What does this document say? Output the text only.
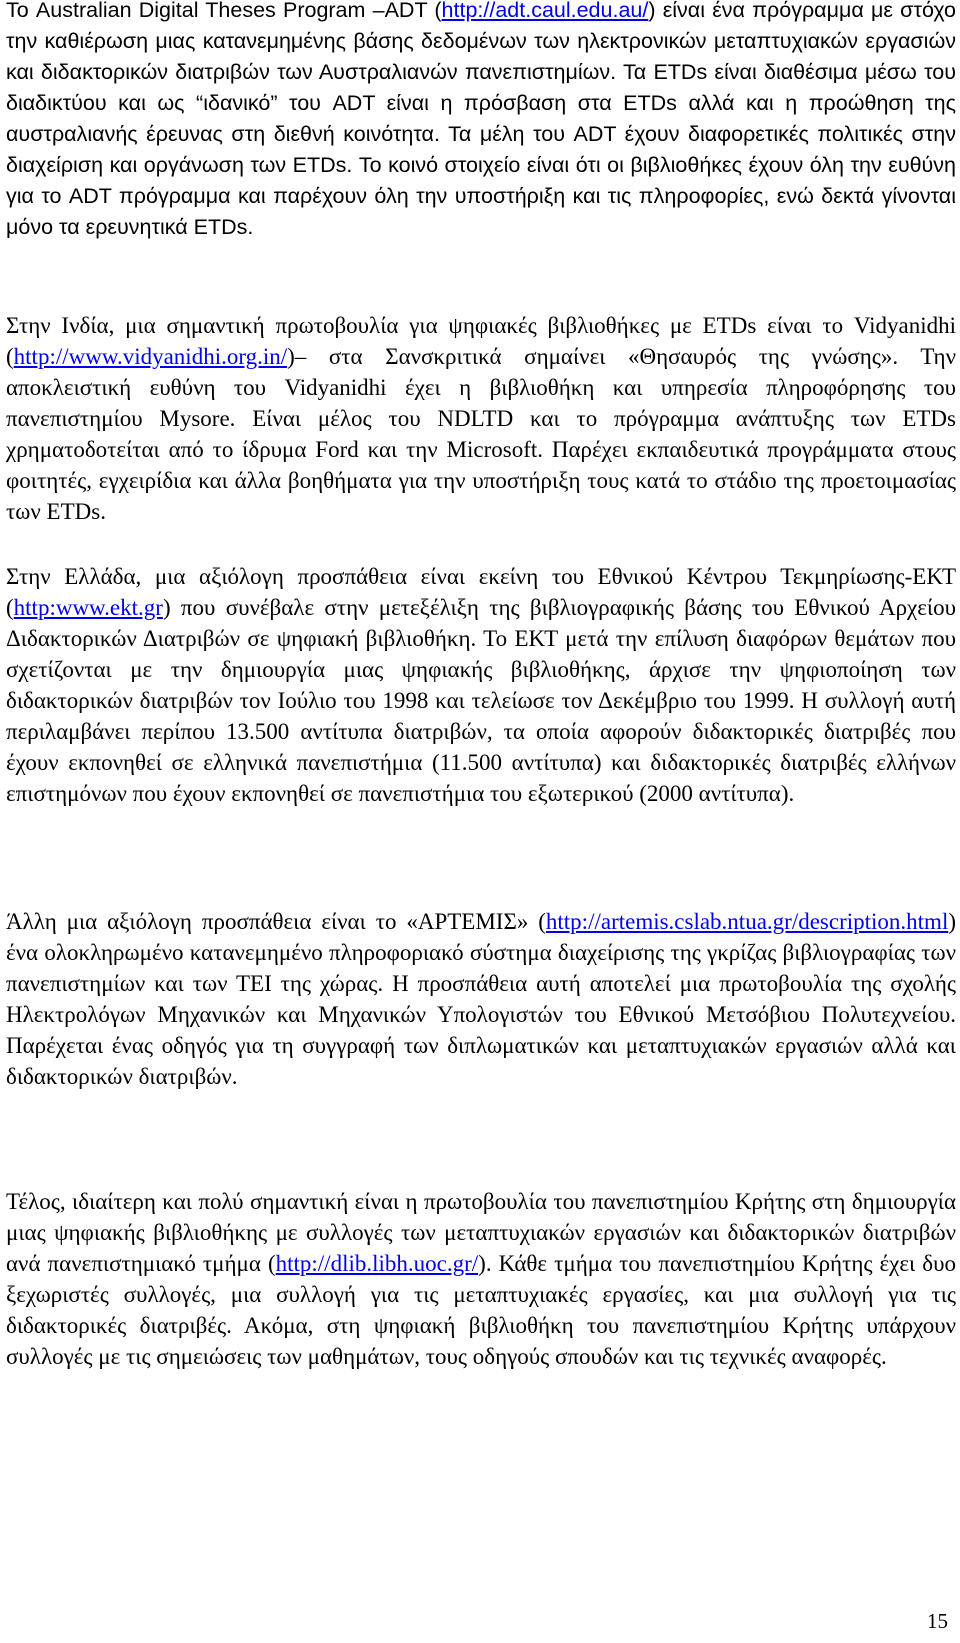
Το Australian Digital Theses Program –ADT (http://adt.caul.edu.au/) είναι ένα πρόγραμμα με στόχο την καθιέρωση μιας κατανεμημένης βάσης δεδομένων των ηλεκτρονικών μεταπτυχιακών εργασιών και διδακτορικών διατριβών των Αυστραλιανών πανεπιστημίων. Τα ETDs είναι διαθέσιμα μέσω του διαδικτύου και ως “ιδανικό” του ADT είναι η πρόσβαση στα ETDs αλλά και η προώθηση της αυστραλιανής έρευνας στη διεθνή κοινότητα. Τα μέλη του ADT έχουν διαφορετικές πολιτικές στην διαχείριση και οργάνωση των ETDs. Το κοινό στοιχείο είναι ότι οι βιβλιοθήκες έχουν όλη την ευθύνη για το ADT πρόγραμμα και παρέχουν όλη την υποστήριξη και τις πληροφορίες, ενώ δεκτά γίνονται μόνο τα ερευνητικά ETDs.

Στην Ινδία, μια σημαντική πρωτοβουλία για ψηφιακές βιβλιοθήκες με ETDs είναι το Vidyanidhi (http://www.vidyanidhi.org.in/)– στα Σανσκριτικά σημαίνει «Θησαυρός της γνώσης». Την αποκλειστική ευθύνη του Vidyanidhi έχει η βιβλιοθήκη και υπηρεσία πληροφόρησης του πανεπιστημίου Mysore. Είναι μέλος του NDLTD και το πρόγραμμα ανάπτυξης των ETDs χρηματοδοτείται από το ίδρυμα Ford και την Microsoft. Παρέχει εκπαιδευτικά προγράμματα στους φοιτητές, εγχειρίδια και άλλα βοηθήματα για την υποστήριξη τους κατά το στάδιο της προετοιμασίας των ETDs.

Στην Ελλάδα, μια αξιόλογη προσπάθεια είναι εκείνη του Εθνικού Κέντρου Τεκμηρίωσης-ΕΚΤ (http:www.ekt.gr) που συνέβαλε στην μετεξέλιξη της βιβλιογραφικής βάσης του Εθνικού Αρχείου Διδακτορικών Διατριβών σε ψηφιακή βιβλιοθήκη. Το ΕΚΤ μετά την επίλυση διαφόρων θεμάτων που σχετίζονται με την δημιουργία μιας ψηφιακής βιβλιοθήκης, άρχισε την ψηφιοποίηση των διδακτορικών διατριβών τον Ιούλιο του 1998 και τελείωσε τον Δεκέμβριο του 1999. Η συλλογή αυτή περιλαμβάνει περίπου 13.500 αντίτυπα διατριβών, τα οποία αφορούν διδακτορικές διατριβές που έχουν εκπονηθεί σε ελληνικά πανεπιστήμια (11.500 αντίτυπα) και διδακτορικές διατριβές ελλήνων επιστημόνων που έχουν εκπονηθεί σε πανεπιστήμια του εξωτερικού (2000 αντίτυπα).

Άλλη μια αξιόλογη προσπάθεια είναι το «ΑΡΤΕΜΙΣ» (http://artemis.cslab.ntua.gr/description.html) ένα ολοκληρωμένο κατανεμημένο πληροφοριακό σύστημα διαχείρισης της γκρίζας βιβλιογραφίας των πανεπιστημίων και των ΤΕΙ της χώρας. Η προσπάθεια αυτή αποτελεί μια πρωτοβουλία της σχολής Ηλεκτρολόγων Μηχανικών και Μηχανικών Υπολογιστών του Εθνικού Μετσόβιου Πολυτεχνείου. Παρέχεται ένας οδηγός για τη συγγραφή των διπλωματικών και μεταπτυχιακών εργασιών αλλά και διδακτορικών διατριβών.

Τέλος, ιδιαίτερη και πολύ σημαντική είναι η πρωτοβουλία του πανεπιστημίου Κρήτης στη δημιουργία μιας ψηφιακής βιβλιοθήκης με συλλογές των μεταπτυχιακών εργασιών και διδακτορικών διατριβών ανά πανεπιστημιακό τμήμα (http://dlib.libh.uoc.gr/). Κάθε τμήμα του πανεπιστημίου Κρήτης έχει δυο ξεχωριστές συλλογές, μια συλλογή για τις μεταπτυχιακές εργασίες, και μια συλλογή για τις διδακτορικές διατριβές. Ακόμα, στη ψηφιακή βιβλιοθήκη του πανεπιστημίου Κρήτης υπάρχουν συλλογές με τις σημειώσεις των μαθημάτων, τους οδηγούς σπουδών και τις τεχνικές αναφορές.

15
